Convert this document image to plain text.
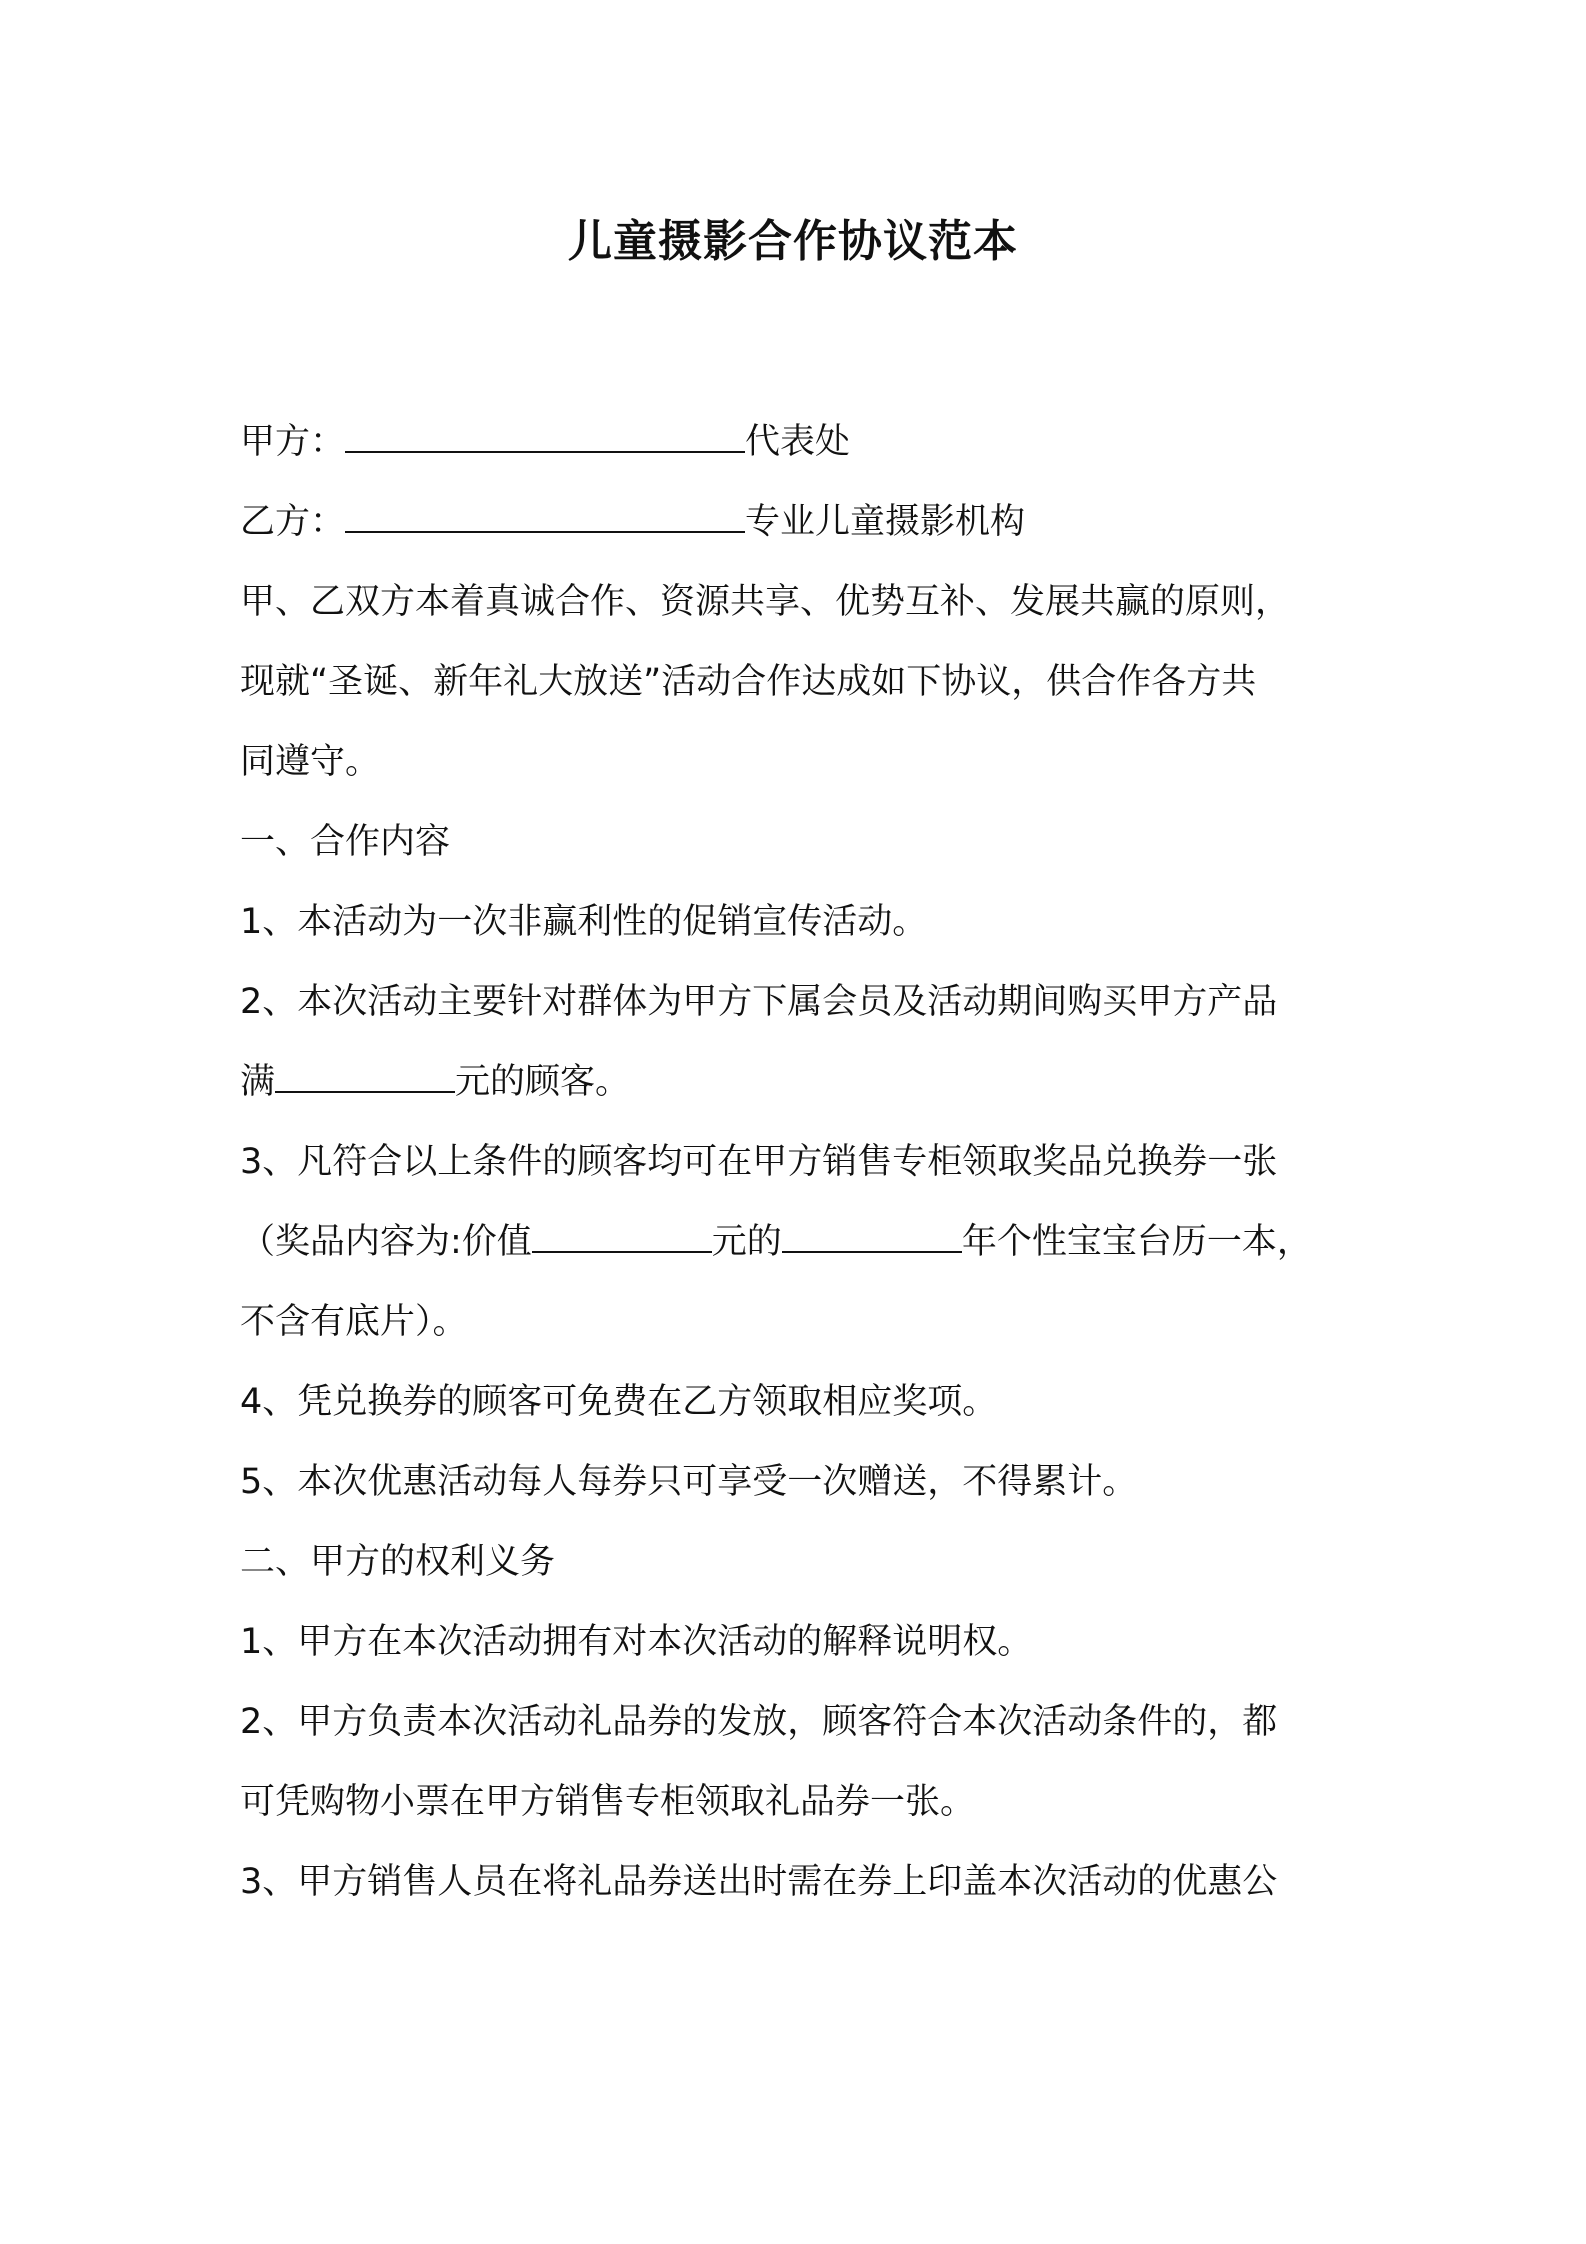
儿童摄影合作协议范本
甲方：	代表处
乙方：	专业儿童摄影机构
甲、乙双方本着真诚合作、资源共享、优势互补、发展共赢的原则，
现就“圣诞、新年礼大放送”活动合作达成如下协议，供合作各方共
同遵守。
一、合作内容
1、本活动为一次非赢利性的促销宣传活动。
2、本次活动主要针对群体为甲方下属会员及活动期间购买甲方产品
满	元的顾客。
3、凡符合以上条件的顾客均可在甲方销售专柜领取奖品兑换券一张
（奖品内容为:价值	元的	年个性宝宝台历一本，
不含有底片）。
4、凭兑换券的顾客可免费在乙方领取相应奖项。
5、本次优惠活动每人每券只可享受一次赠送，不得累计。
二、甲方的权利义务
1、甲方在本次活动拥有对本次活动的解释说明权。
2、甲方负责本次活动礼品券的发放，顾客符合本次活动条件的，都
可凭购物小票在甲方销售专柜领取礼品券一张。
3、甲方销售人员在将礼品券送出时需在券上印盖本次活动的优惠公
